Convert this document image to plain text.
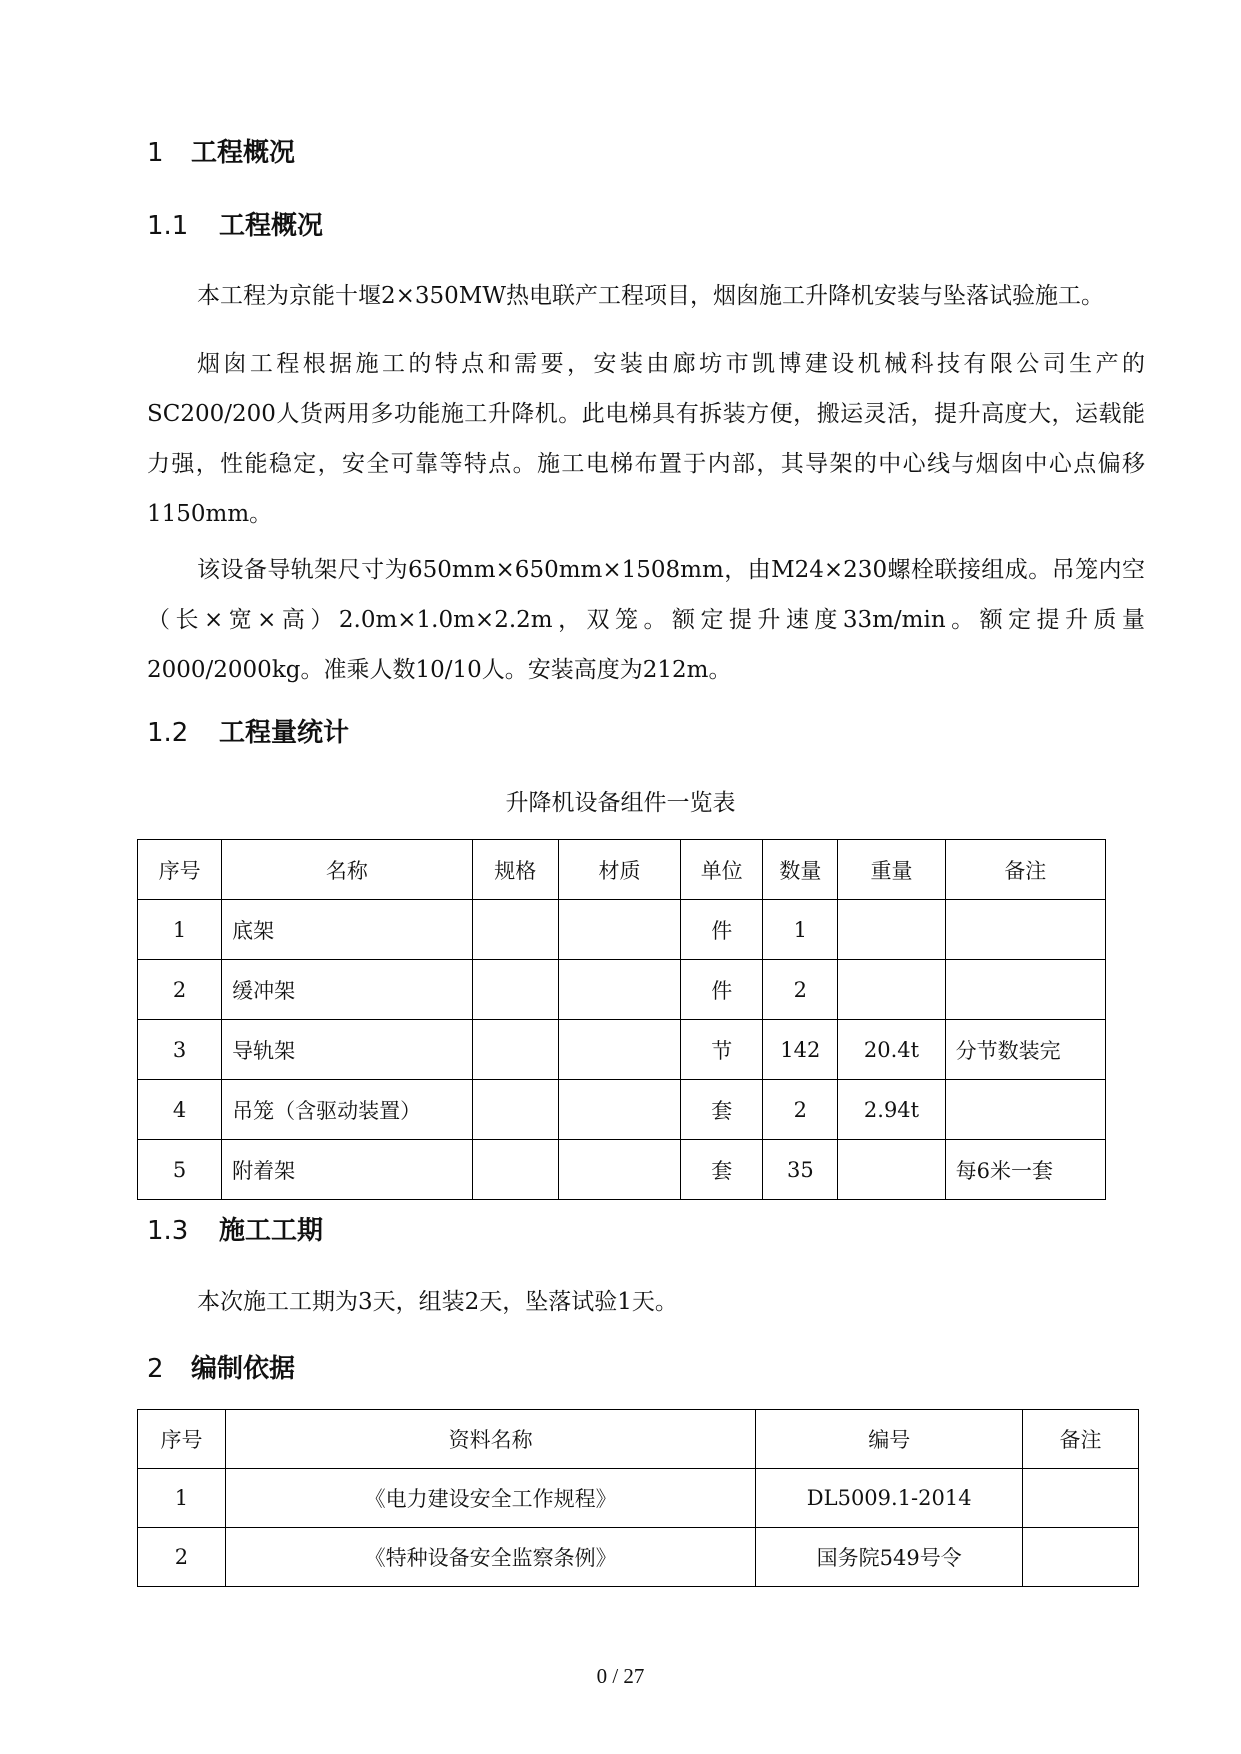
1 工程概况
1.1 工程概况
本工程为京能十堰2×350MW热电联产工程项目，烟囱施工升降机安装与坠落试验施工。
烟囱工程根据施工的特点和需要，安装由廊坊市凯博建设机械科技有限公司生产的SC200/200人货两用多功能施工升降机。此电梯具有拆装方便，搬运灵活，提升高度大，运载能力强，性能稳定，安全可靠等特点。施工电梯布置于内部，其导架的中心线与烟囱中心点偏移1150mm。
该设备导轨架尺寸为650mm×650mm×1508mm，由M24×230螺栓联接组成。吊笼内空（长×宽×高）2.0m×1.0m×2.2m，双笼。额定提升速度33m/min。额定提升质量2000/2000kg。准乘人数10/10人。安装高度为212m。
1.2 工程量统计
升降机设备组件一览表
序号	名称	规格	材质	单位	数量	重量	备注
1	底架			件	1		
2	缓冲架			件	2		
3	导轨架			节	142	20.4t	分节数装完
4	吊笼（含驱动装置）			套	2	2.94t	
5	附着架			套	35		每6米一套
1.3 施工工期
本次施工工期为3天，组装2天，坠落试验1天。
2 编制依据
序号	资料名称	编号	备注
1	《电力建设安全工作规程》	DL5009.1-2014	
2	《特种设备安全监察条例》	国务院549号令	
0 / 27
